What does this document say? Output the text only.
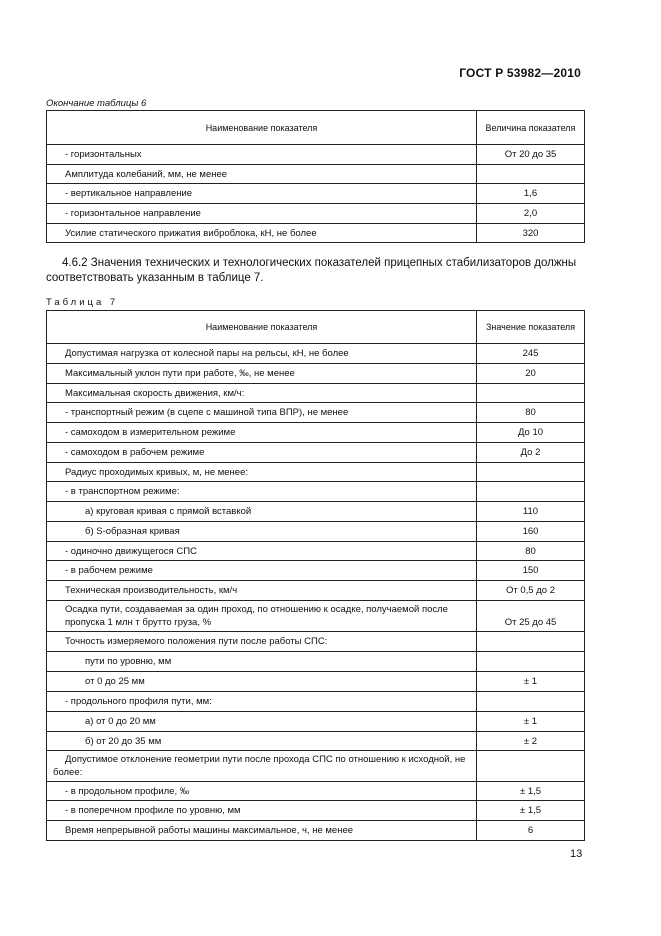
ГОСТ Р 53982—2010
Окончание таблицы 6
Наименование показателя	Величина показателя
- горизонтальных	От 20 до 35
Амплитуда колебаний, мм, не менее	
- вертикальное направление	1,6
- горизонтальное направление	2,0
Усилие статического прижатия виброблока, кН, не более	320
4.6.2 Значения технических и технологических показателей прицепных стабилизаторов должны соответствовать указанным в таблице 7.
Таблица 7
Наименование показателя	Значение показателя
Допустимая нагрузка от колесной пары на рельсы, кН, не более	245
Максимальный уклон пути при работе, ‰, не менее	20
Максимальная скорость движения, км/ч:	
- транспортный режим (в сцепе с машиной типа ВПР), не менее	80
- самоходом в измерительном режиме	До 10
- самоходом в рабочем режиме	До 2
Радиус проходимых кривых, м, не менее:	
- в транспортном режиме:	
а) круговая кривая с прямой вставкой	110
б) S-образная кривая	160
- одиночно движущегося СПС	80
- в рабочем режиме	150
Техническая производительность, км/ч	От 0,5 до 2
Осадка пути, создаваемая за один проход, по отношению к осадке, получаемой после пропуска 1 млн т брутто груза, %	От 25 до 45
Точность измеряемого положения пути после работы СПС:	
пути по уровню, мм	
от 0 до 25 мм	± 1
- продольного профиля пути, мм:	
а) от 0 до 20 мм	± 1
б) от 20 до 35 мм	± 2
Допустимое отклонение геометрии пути после прохода СПС по отношению к исходной, не более:	
- в продольном профиле, ‰	± 1,5
- в поперечном профиле по уровню, мм	± 1,5
Время непрерывной работы машины максимальное, ч, не менее	6
13
